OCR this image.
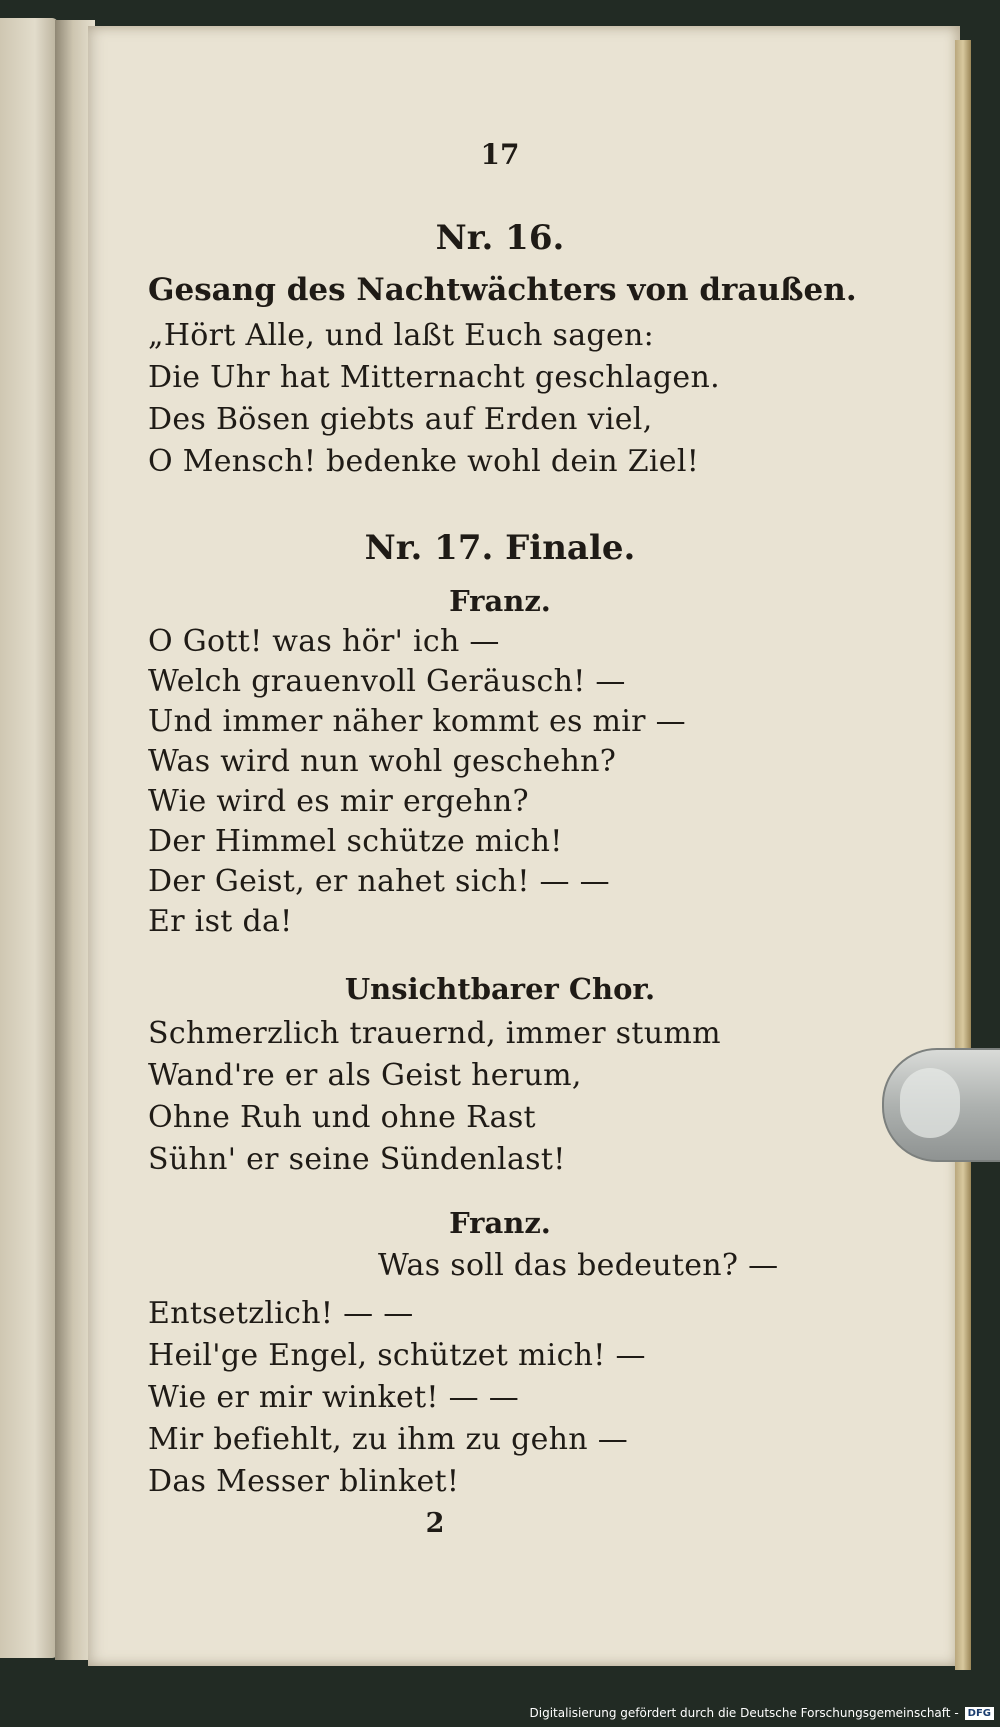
17
Nr. 16.
Gesang des Nachtwächters von draußen.
„Hört Alle, und laßt Euch sagen:
Die Uhr hat Mitternacht geschlagen.
Des Bösen giebts auf Erden viel,
O Mensch! bedenke wohl dein Ziel!
Nr. 17. Finale.
Franz.
O Gott! was hör' ich —
Welch grauenvoll Geräusch! —
Und immer näher kommt es mir —
Was wird nun wohl geschehn?
Wie wird es mir ergehn?
Der Himmel schütze mich!
Der Geist, er nahet sich! — —
Er ist da!
Unsichtbarer Chor.
Schmerzlich trauernd, immer stumm
Wand're er als Geist herum,
Ohne Ruh und ohne Rast
Sühn' er seine Sündenlast!
Franz.
Was soll das bedeuten? —
Entsetzlich! — —
Heil'ge Engel, schützet mich! —
Wie er mir winket! — —
Mir befiehlt, zu ihm zu gehn —
Das Messer blinket!
2
Digitalisierung gefördert durch die Deutsche Forschungsgemeinschaft - DFG
